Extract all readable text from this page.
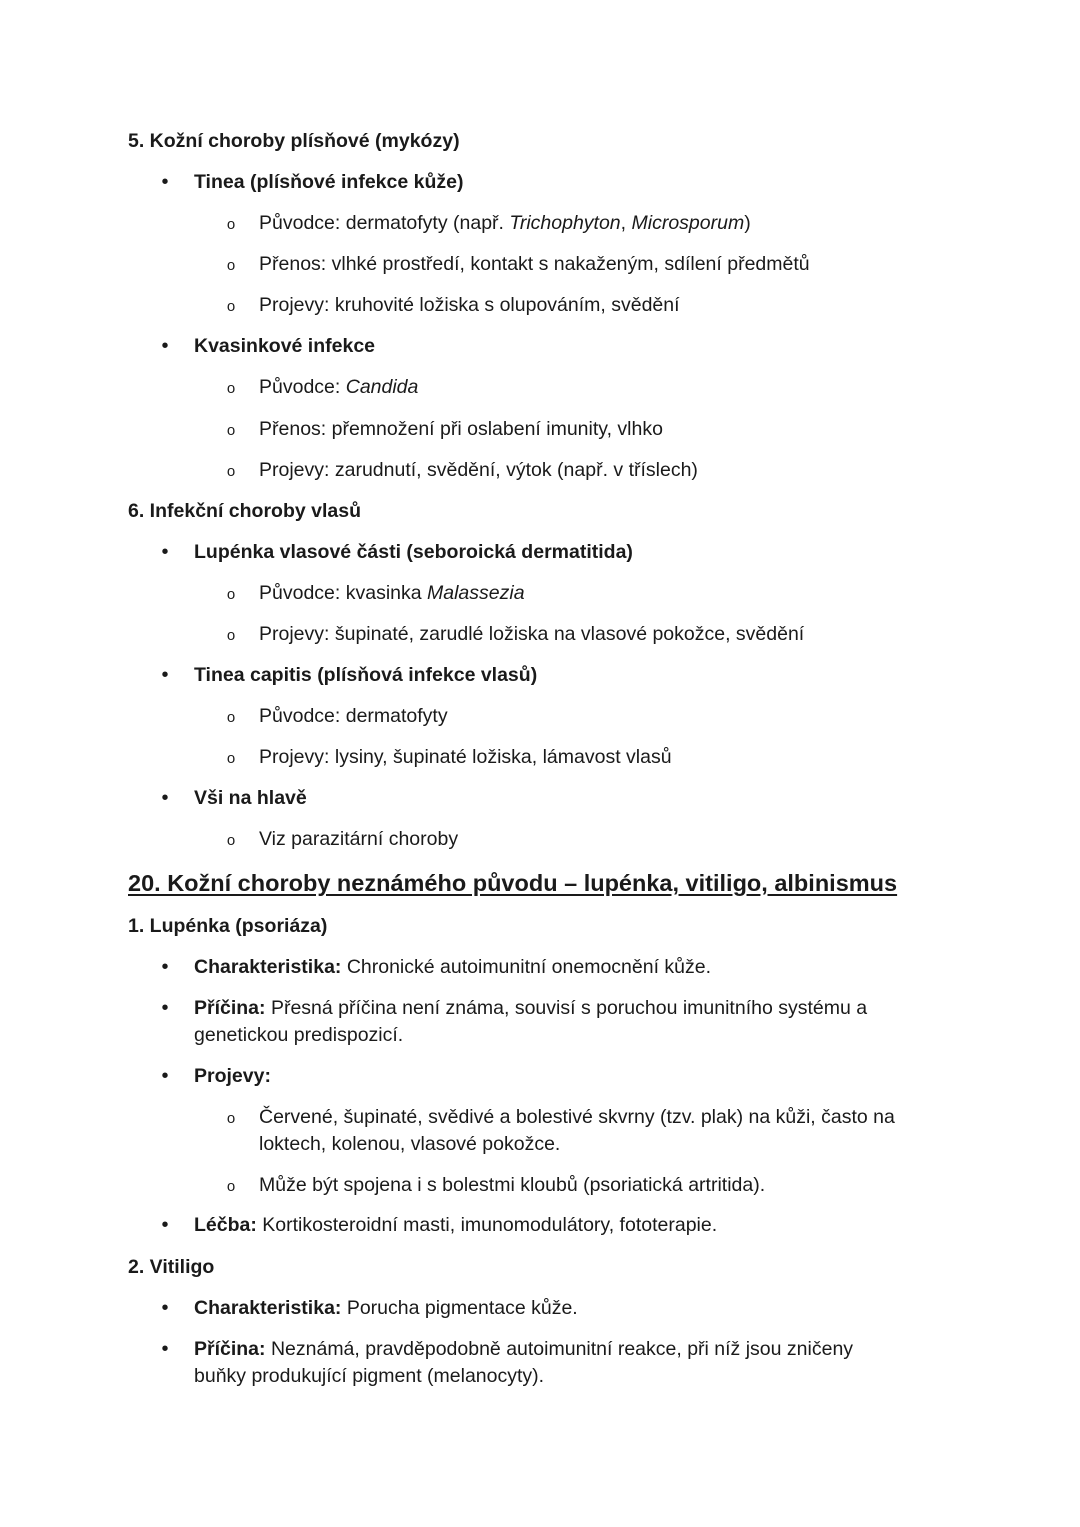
5. Kožní choroby plísňové (mykózy)
• Tinea (plísňové infekce kůže)
o Původce: dermatofyty (např. Trichophyton, Microsporum)
o Přenos: vlhké prostředí, kontakt s nakaženým, sdílení předmětů
o Projevy: kruhovité ložiska s olupováním, svědění
• Kvasinkové infekce
o Původce: Candida
o Přenos: přemnožení při oslabení imunity, vlhko
o Projevy: zarudnutí, svědění, výtok (např. v tříslech)
6. Infekční choroby vlasů
• Lupénka vlasové části (seboroická dermatitida)
o Původce: kvasinka Malassezia
o Projevy: šupinaté, zarudlé ložiska na vlasové pokožce, svědění
• Tinea capitis (plísňová infekce vlasů)
o Původce: dermatofyty
o Projevy: lysiny, šupinaté ložiska, lámavost vlasů
• Vši na hlavě
o Viz parazitární choroby
20. Kožní choroby neznámého původu – lupénka, vitiligo, albinismus
1. Lupénka (psoriáza)
• Charakteristika: Chronické autoimunitní onemocnění kůže.
• Příčina: Přesná příčina není známa, souvisí s poruchou imunitního systému a genetickou predispozicí.
• Projevy:
o Červené, šupinaté, svědivé a bolestivé skvrny (tzv. plak) na kůži, často na loktech, kolenou, vlasové pokožce.
o Může být spojena i s bolestmi kloubů (psoriatická artritida).
• Léčba: Kortikosteroidní masti, imunomodulátory, fototerapie.
2. Vitiligo
• Charakteristika: Porucha pigmentace kůže.
• Příčina: Neznámá, pravděpodobně autoimunitní reakce, při níž jsou zničeny buňky produkující pigment (melanocyty).
